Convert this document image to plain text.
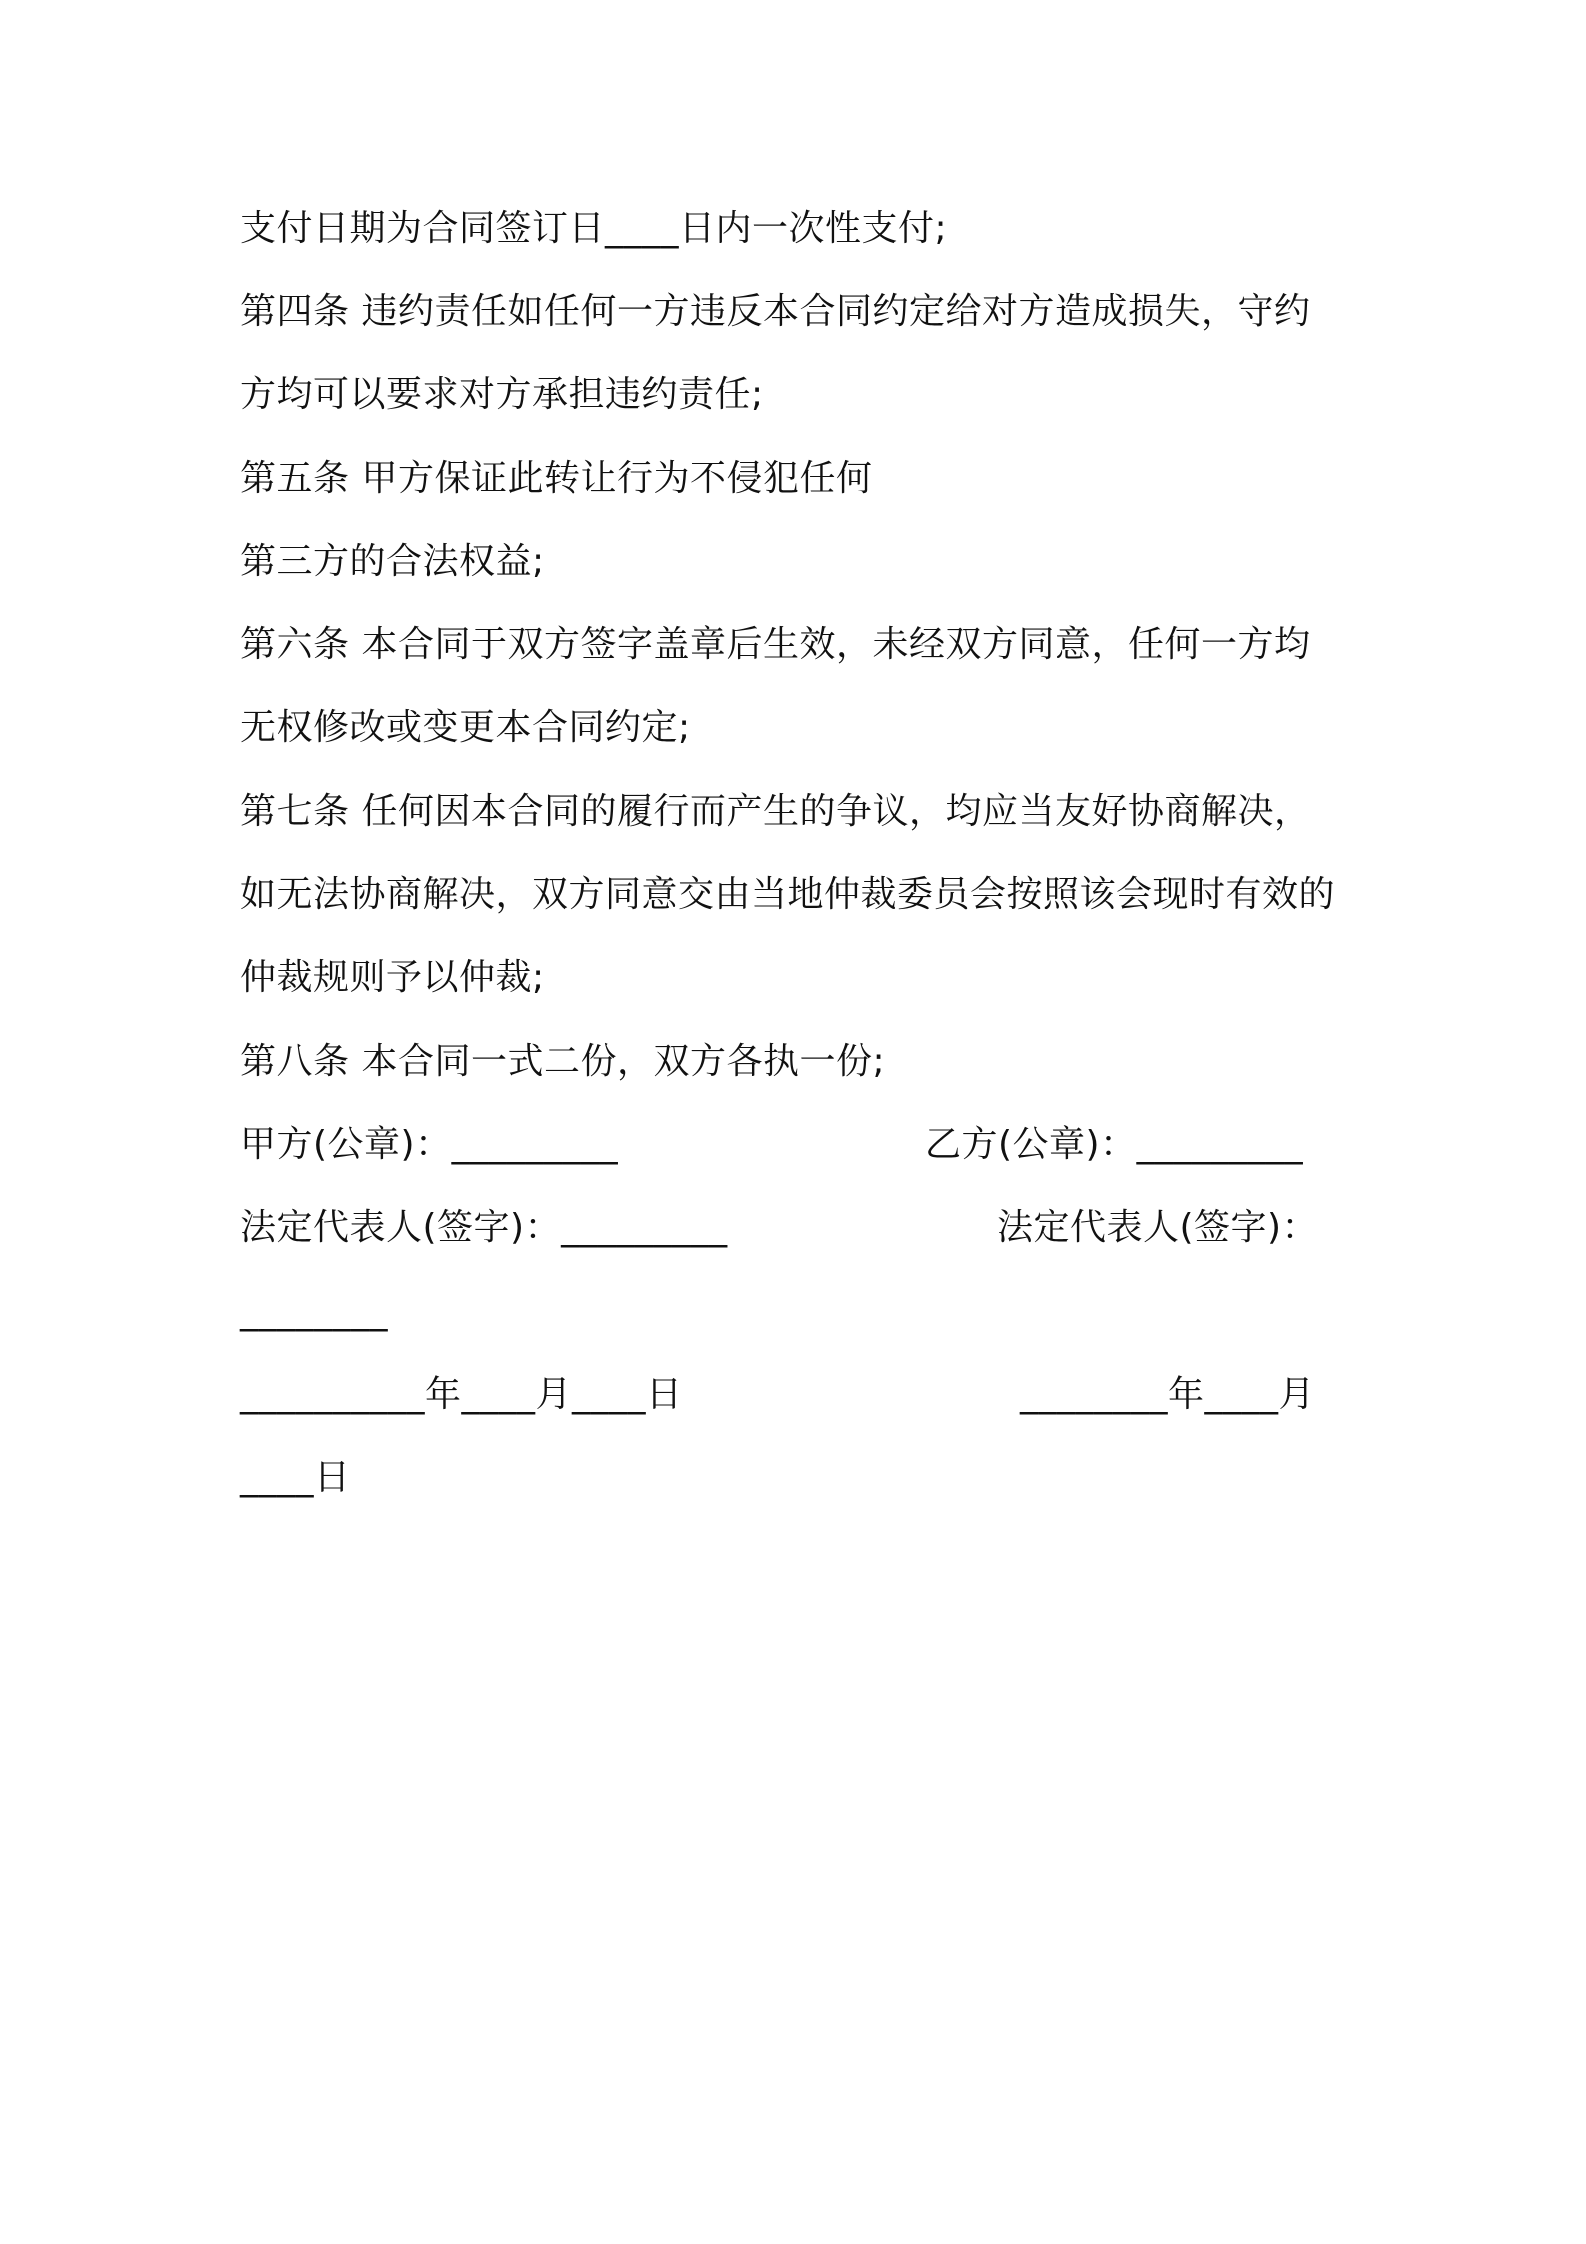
支付日期为合同签订日____日内一次性支付;
第四条 违约责任如任何一方违反本合同约定给对方造成损失，守约
方均可以要求对方承担违约责任;
第五条 甲方保证此转让行为不侵犯任何
第三方的合法权益;
第六条 本合同于双方签字盖章后生效，未经双方同意，任何一方均
无权修改或变更本合同约定;
第七条 任何因本合同的履行而产生的争议，均应当友好协商解决，
如无法协商解决，双方同意交由当地仲裁委员会按照该会现时有效的
仲裁规则予以仲裁;
第八条 本合同一式二份，双方各执一份;
甲方(公章)：_________	乙方(公章)：_________
法定代表人(签字)：_________	法定代表人(签字)：
________
__________年____月____日	________年____月
____日
